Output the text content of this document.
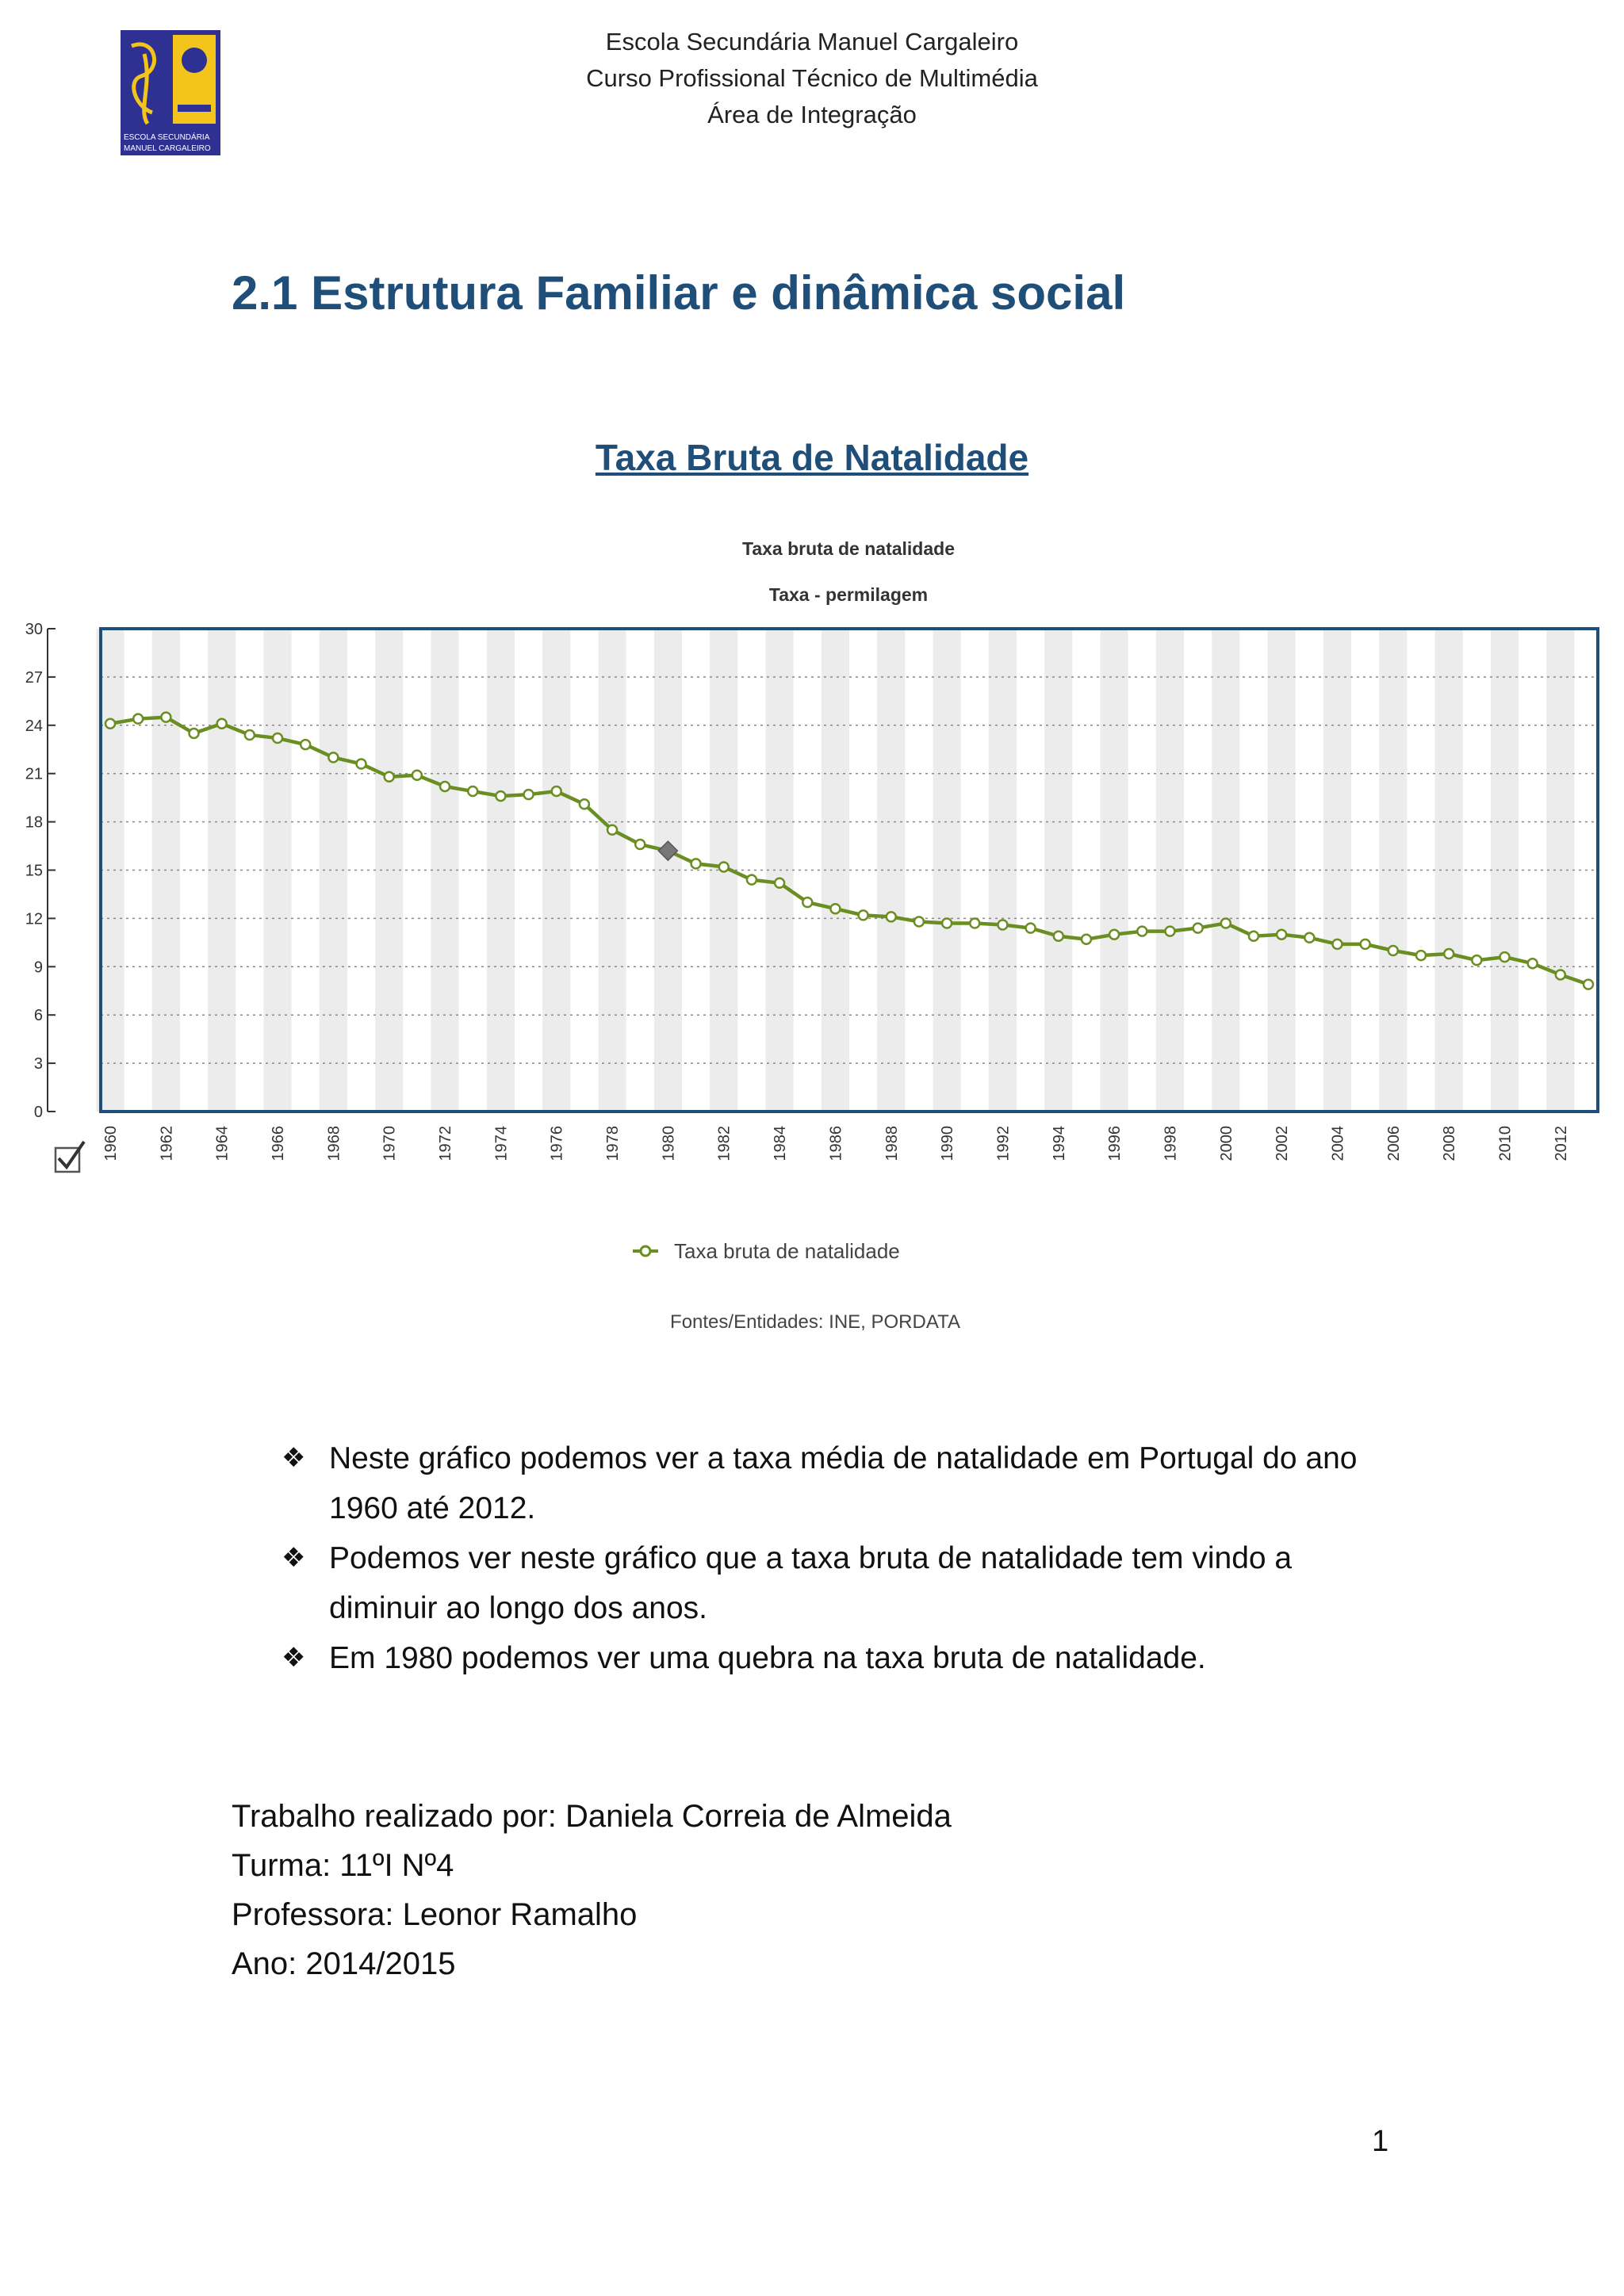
Escola Secundária Manuel Cargaleiro
Curso Profissional Técnico de Multimédia
Área de Integração
ESCOLA SECUNDÁRIA
MANUEL CARGALEIRO
2.1 Estrutura Familiar e dinâmica social
Taxa Bruta de Natalidade
Taxa bruta de natalidade
Taxa - permilagem
0
3
6
9
12
15
18
21
24
27
30
1960 1962 1964 1966 1968 1970 1972 1974 1976 1978 1980 1982 1984 1986 1988 1990 1992 1994 1996 1998 2000 2002 2004 2006 2008 2010 2012
Taxa bruta de natalidade
Fontes/Entidades: INE, PORDATA
❖ Neste gráfico podemos ver a taxa média de natalidade em Portugal do ano 1960 até 2012.
❖ Podemos ver neste gráfico que a taxa bruta de natalidade tem vindo a diminuir ao longo dos anos.
❖ Em 1980 podemos ver uma quebra na taxa bruta de natalidade.
Trabalho realizado por: Daniela Correia de Almeida
Turma: 11ºI Nº4
Professora: Leonor Ramalho
Ano: 2014/2015
1
